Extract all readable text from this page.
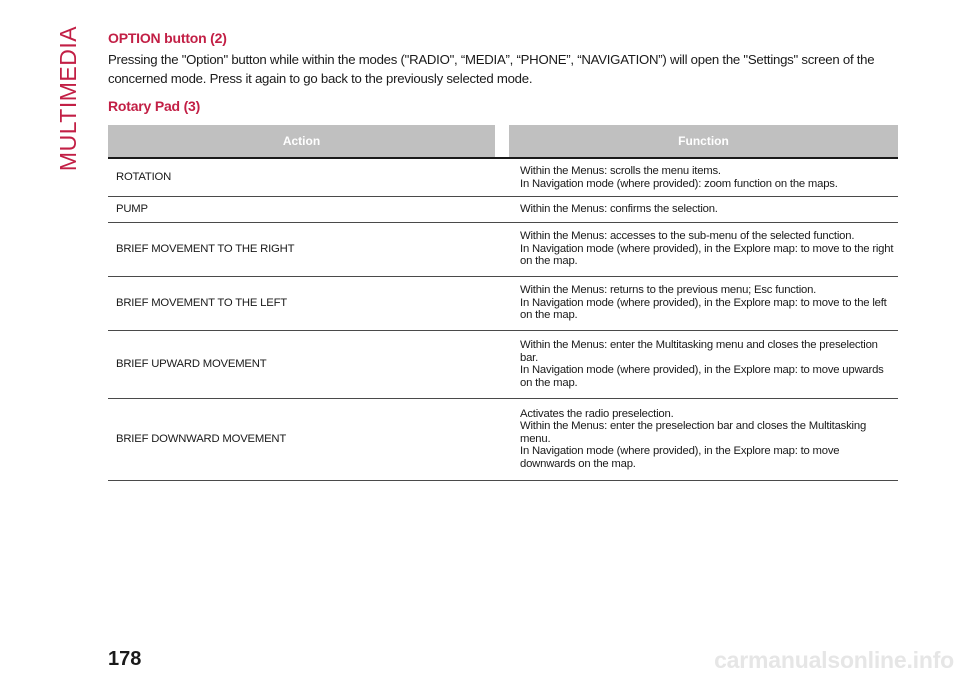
MULTIMEDIA OPTION button (2)

Pressing the "Option" button while within the modes ("RADIO", “MEDIA”, “PHONE”, “NAVIGATION”) will open the "Settings" screen of the concerned mode. Press it again to go back to the previously selected mode.

Rotary Pad (3)
Action		Function
ROTATION		Within the Menus: scrolls the menu items.
In Navigation mode (where provided): zoom function on the maps.

PUMP		Within the Menus: confirms the selection.

BRIEF MOVEMENT TO THE RIGHT		Within the Menus: accesses to the sub-menu of the selected function.
In Navigation mode (where provided), in the Explore map: to move to the right on the map.

BRIEF MOVEMENT TO THE LEFT		Within the Menus: returns to the previous menu; Esc function.
In Navigation mode (where provided), in the Explore map: to move to the left on the map.

BRIEF UPWARD MOVEMENT		Within the Menus: enter the Multitasking menu and closes the preselection bar.
In Navigation mode (where provided), in the Explore map: to move upwards on the map.

BRIEF DOWNWARD MOVEMENT		Activates the radio preselection.
Within the Menus: enter the preselection bar and closes the Multitasking menu.
In Navigation mode (where provided), in the Explore map: to move downwards on the map.
178	carmanualsonline.info
